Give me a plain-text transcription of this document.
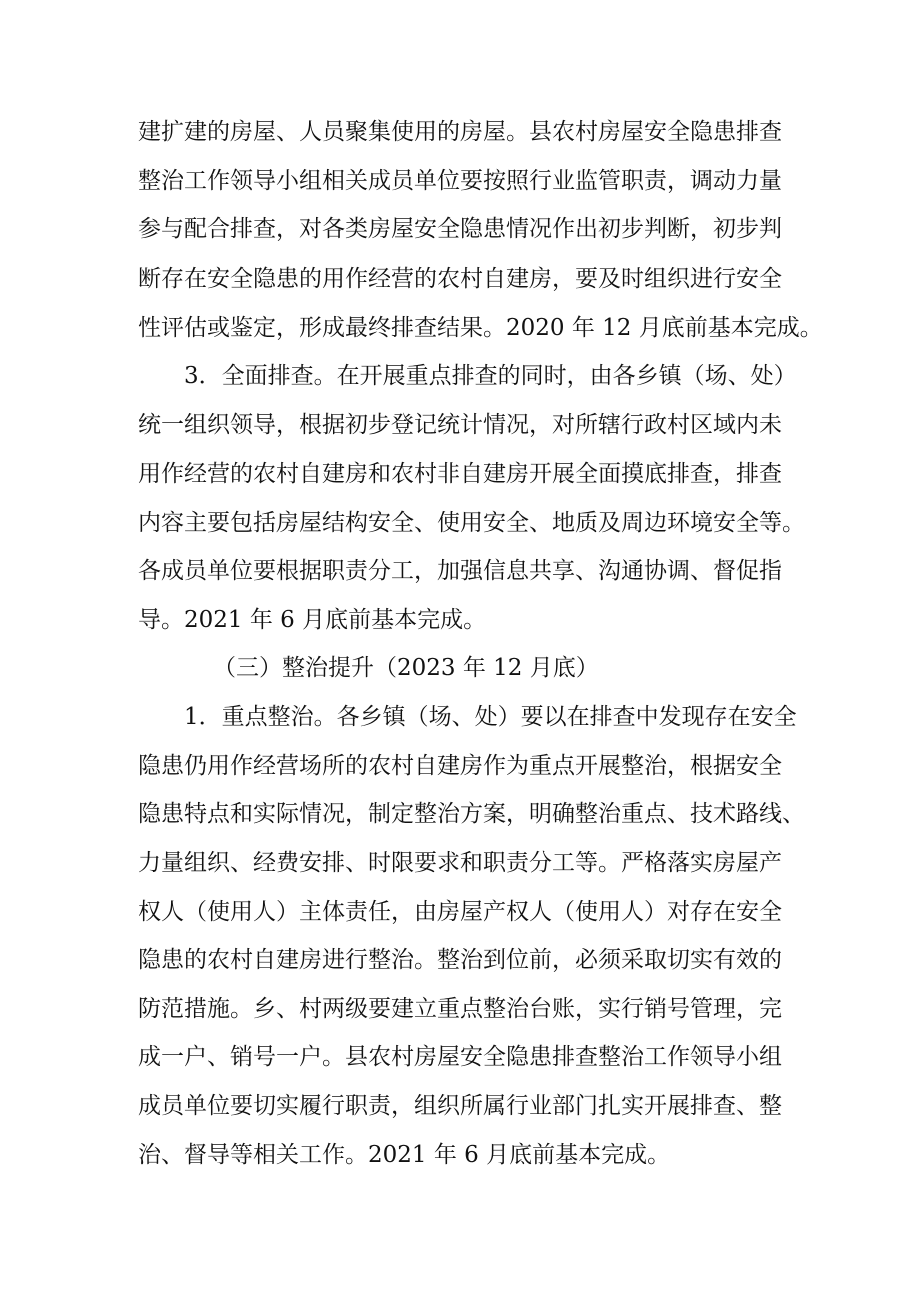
建扩建的房屋、人员聚集使用的房屋。县农村房屋安全隐患排查
整治工作领导小组相关成员单位要按照行业监管职责，调动力量
参与配合排查，对各类房屋安全隐患情况作出初步判断，初步判
断存在安全隐患的用作经营的农村自建房，要及时组织进行安全
性评估或鉴定，形成最终排查结果。2020 年 12 月底前基本完成。
3．全面排查。在开展重点排查的同时，由各乡镇（场、处）
统一组织领导，根据初步登记统计情况，对所辖行政村区域内未
用作经营的农村自建房和农村非自建房开展全面摸底排查，排查
内容主要包括房屋结构安全、使用安全、地质及周边环境安全等。
各成员单位要根据职责分工，加强信息共享、沟通协调、督促指
导。2021 年 6 月底前基本完成。
（三）整治提升（2023 年 12 月底）
1．重点整治。各乡镇（场、处）要以在排查中发现存在安全
隐患仍用作经营场所的农村自建房作为重点开展整治，根据安全
隐患特点和实际情况，制定整治方案，明确整治重点、技术路线、
力量组织、经费安排、时限要求和职责分工等。严格落实房屋产
权人（使用人）主体责任，由房屋产权人（使用人）对存在安全
隐患的农村自建房进行整治。整治到位前，必须采取切实有效的
防范措施。乡、村两级要建立重点整治台账，实行销号管理，完
成一户、销号一户。县农村房屋安全隐患排查整治工作领导小组
成员单位要切实履行职责，组织所属行业部门扎实开展排查、整
治、督导等相关工作。2021 年 6 月底前基本完成。
